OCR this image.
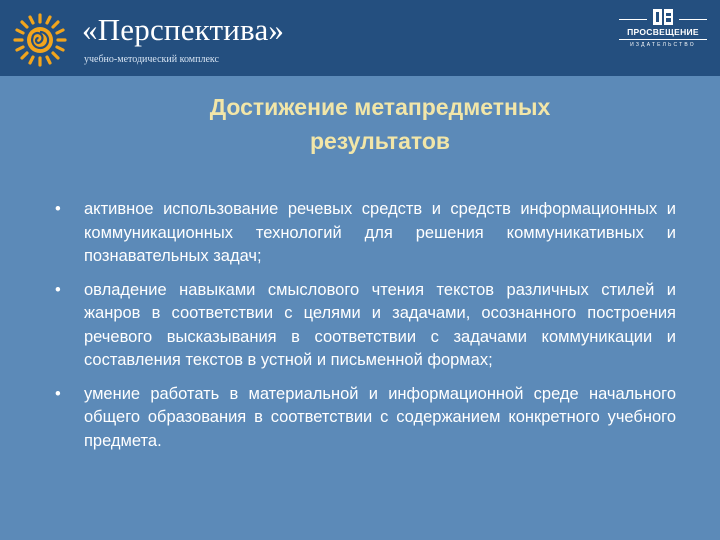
«Перспектива»
учебно-методический комплекс
ПРОСВЕЩЕНИЕ
ИЗДАТЕЛЬСТВО
Достижение метапредметных
результатов
• активное использование речевых средств и средств информационных и коммуникационных технологий для решения коммуникативных и познавательных задач;
• овладение навыками смыслового чтения текстов различных стилей и жанров в соответствии с целями и задачами, осознанного построения речевого высказывания в соответствии с задачами коммуникации и составления текстов в устной и письменной формах;
• умение работать в материальной и информационной среде начального общего образования в соответствии с содержанием конкретного учебного предмета.
